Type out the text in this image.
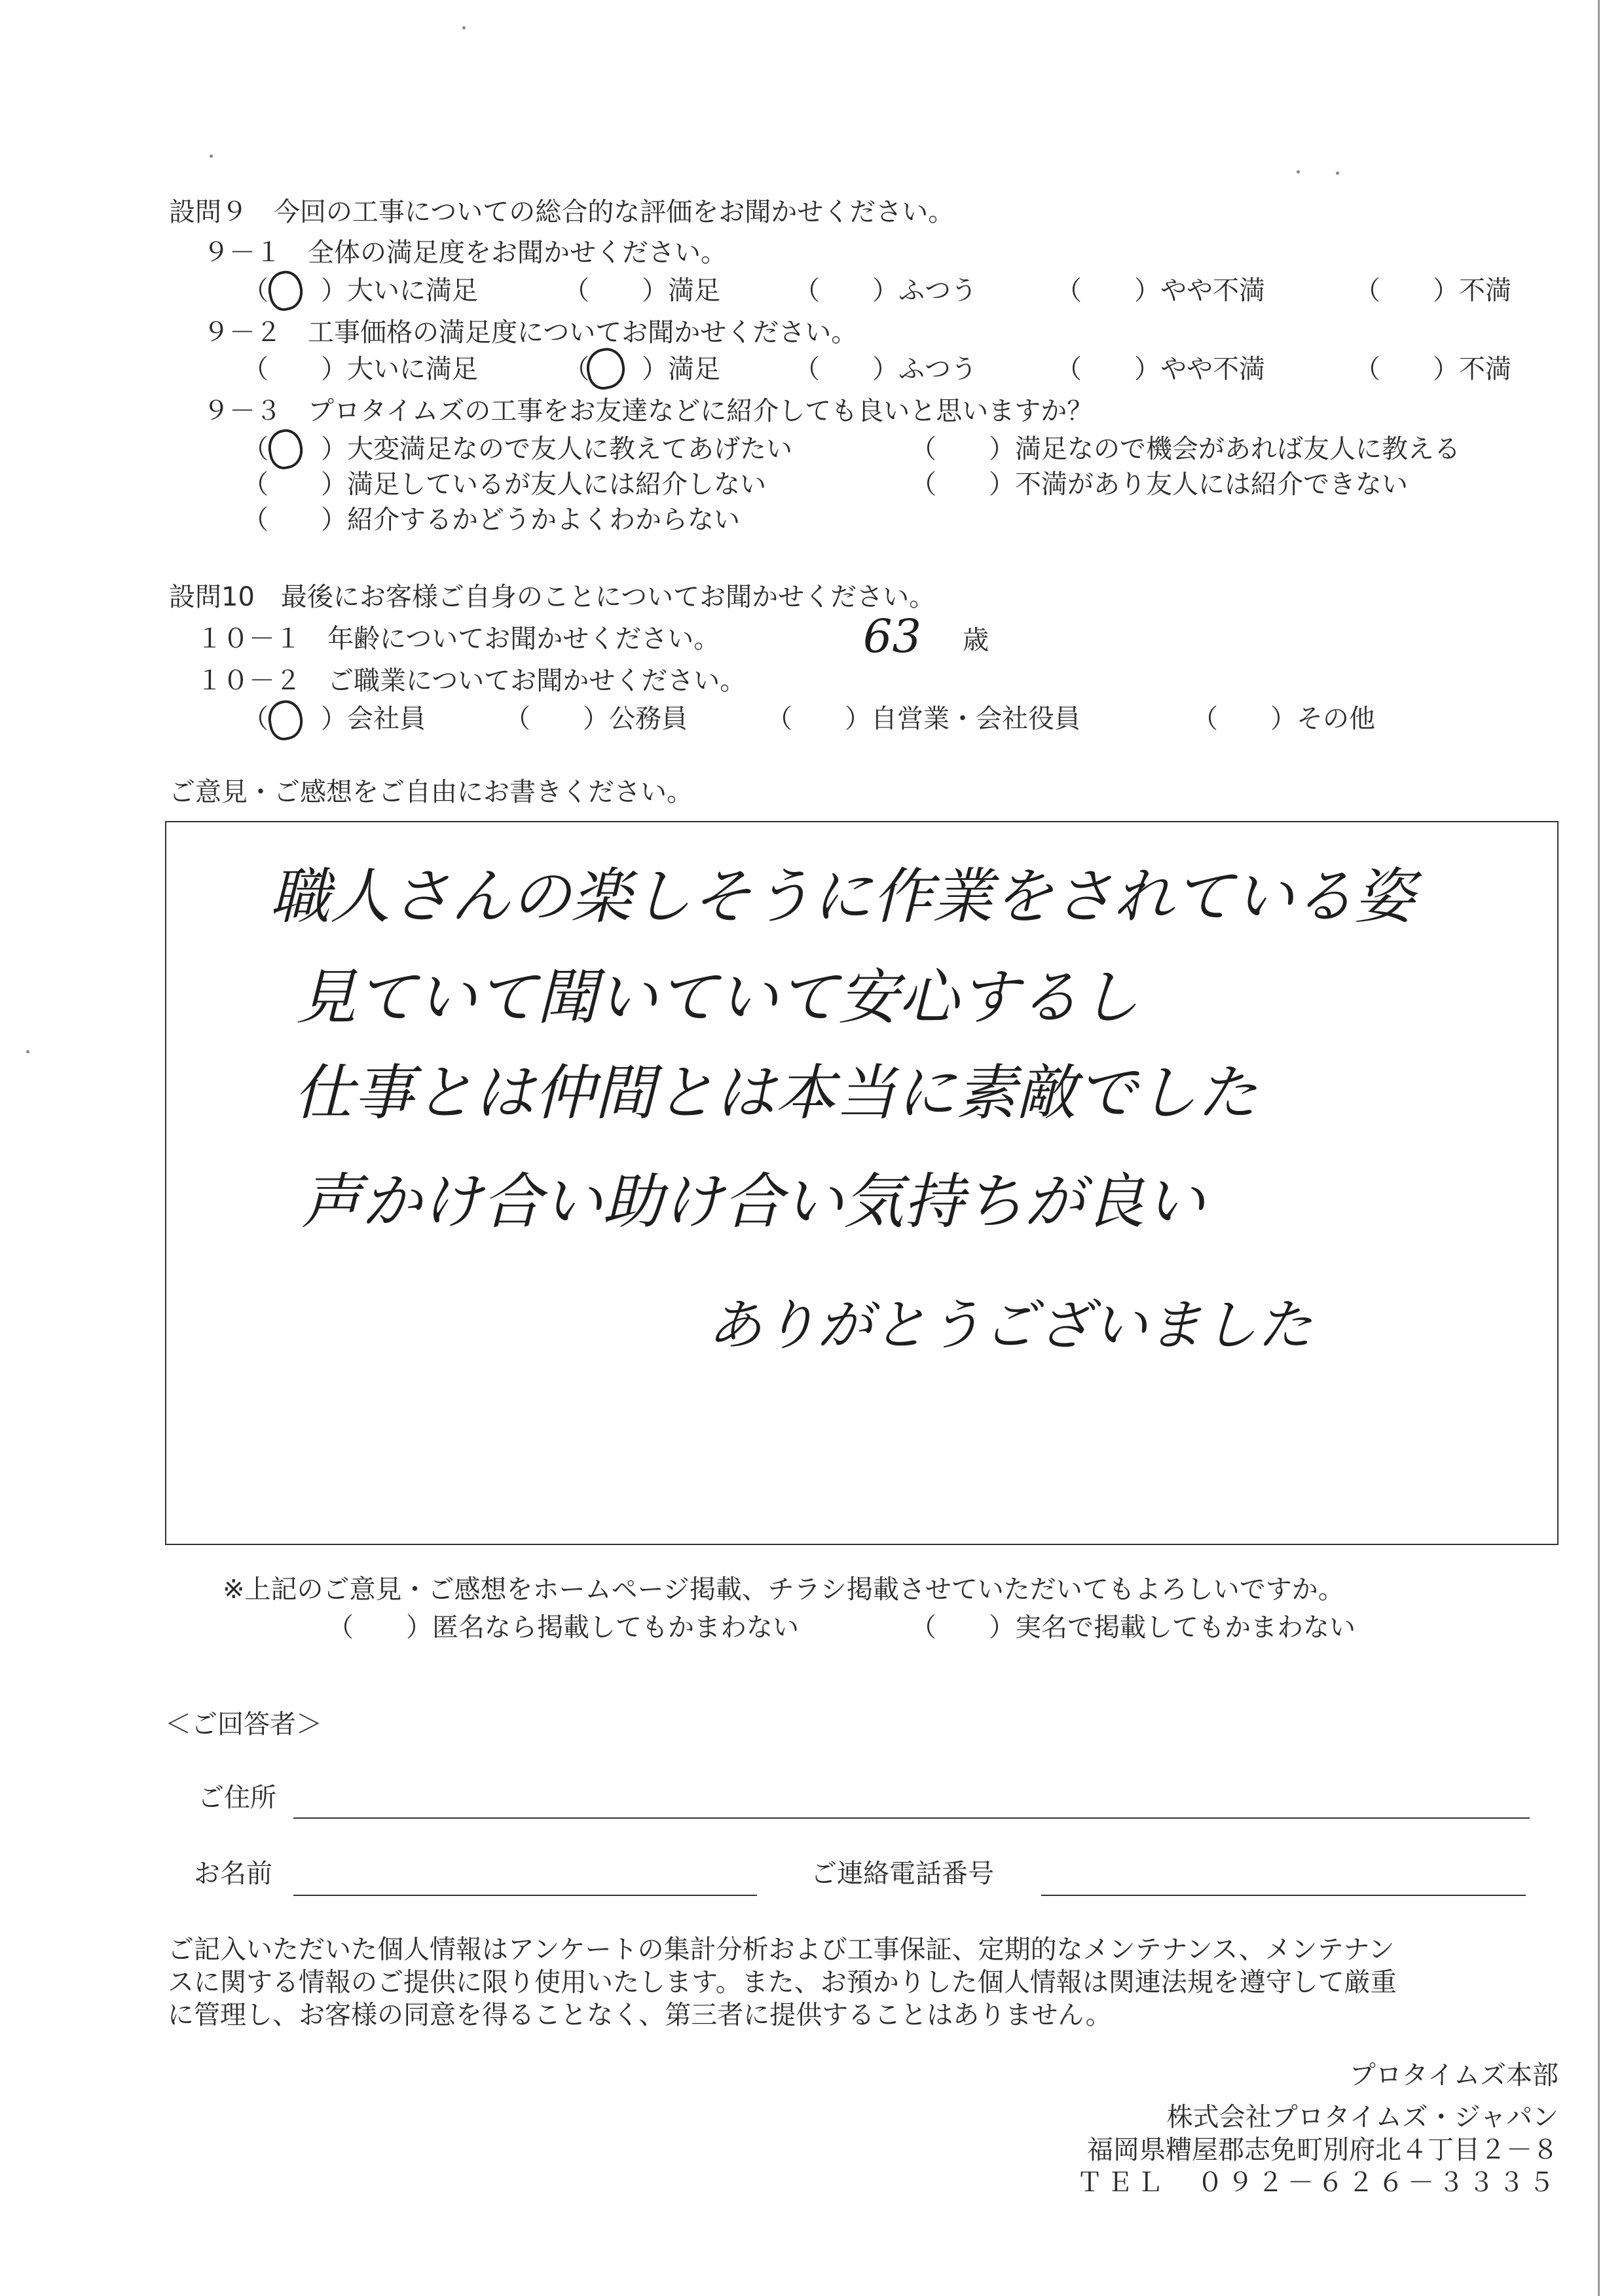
設問９　今回の工事についての総合的な評価をお聞かせください。
９－１　全体の満足度をお聞かせください。
（　　）大いに満足	（　　）満足	（　　）ふつう	（　　）やや不満	（　　）不満
９－２　工事価格の満足度についてお聞かせください。
（　　）大いに満足	（　　）満足	（　　）ふつう	（　　）やや不満	（　　）不満
９－３　プロタイムズの工事をお友達などに紹介しても良いと思いますか？
（　　）大変満足なので友人に教えてあげたい	（　　）満足なので機会があれば友人に教える
（　　）満足しているが友人には紹介しない	（　　）不満があり友人には紹介できない
（　　）紹介するかどうかよくわからない
設問10　最後にお客様ご自身のことについてお聞かせください。
１０－１　年齢についてお聞かせください。	63 歳
１０－２　ご職業についてお聞かせください。
（　　）会社員	（　　）公務員	（　　）自営業・会社役員	（　　）その他
ご意見・ご感想をご自由にお書きください。
職人さんの楽しそうに作業をされている姿
見ていて聞いていて安心するし
仕事とは仲間とは本当に素敵でした
声かけ合い助け合い気持ちが良い
ありがとうございました
※上記のご意見・ご感想をホームページ掲載、チラシ掲載させていただいてもよろしいですか。
（　　）匿名なら掲載してもかまわない	（　　）実名で掲載してもかまわない
＜ご回答者＞
ご住所
お名前	ご連絡電話番号
ご記入いただいた個人情報はアンケートの集計分析および工事保証、定期的なメンテナンス、メンテナン
スに関する情報のご提供に限り使用いたします。また、お預かりした個人情報は関連法規を遵守して厳重
に管理し、お客様の同意を得ることなく、第三者に提供することはありません。
プロタイムズ本部
株式会社プロタイムズ・ジャパン
福岡県糟屋郡志免町別府北４丁目２－８
ＴＥＬ　０９２－６２６－３３３５
